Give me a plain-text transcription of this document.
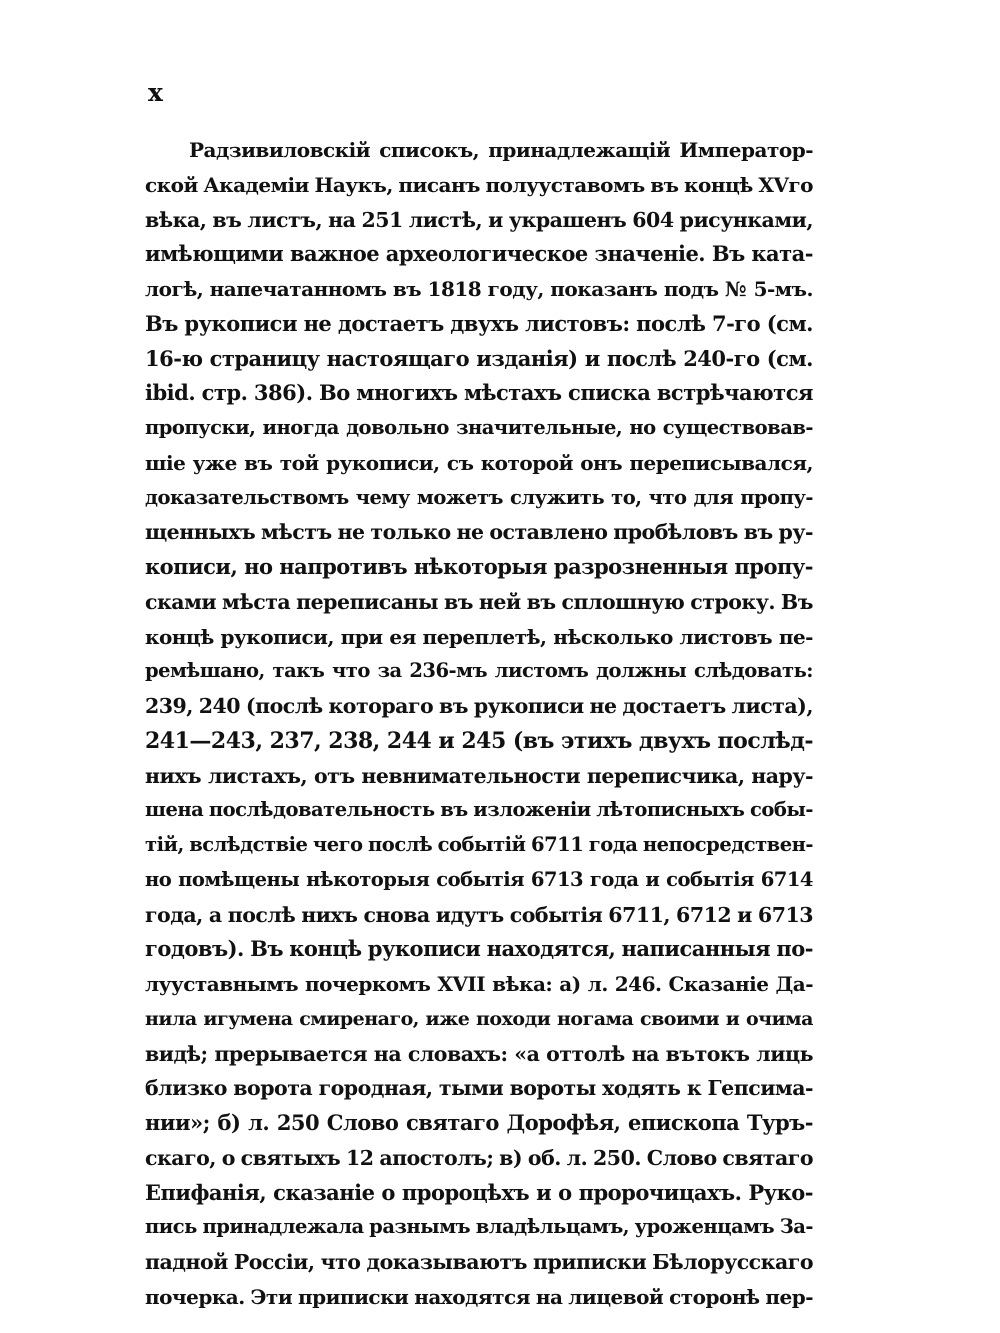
x
Радзивиловскій списокъ, принадлежащій Император-
ской Академіи Наукъ, писанъ полууставомъ въ концѣ XVго
вѣка, въ листъ, на 251 листѣ, и украшенъ 604 рисунками,
имѣющими важное археологическое значеніе. Въ ката-
логѣ, напечатанномъ въ 1818 году, показанъ подъ № 5-мъ.
Въ рукописи не достаетъ двухъ листовъ: послѣ 7-го (см.
16-ю страницу настоящаго изданія) и послѣ 240-го (см.
ibid. стр. 386). Во многихъ мѣстахъ списка встрѣчаются
пропуски, иногда довольно значительные, но существовав-
шіе уже въ той рукописи, съ которой онъ переписывался,
доказательствомъ чему можетъ служить то, что для пропу-
щенныхъ мѣстъ не только не оставлено пробѣловъ въ ру-
кописи, но напротивъ нѣкоторыя разрозненныя пропу-
сками мѣста переписаны въ ней въ сплошную строку. Въ
концѣ рукописи, при ея переплетѣ, нѣсколько листовъ пе-
ремѣшано, такъ что за 236-мъ листомъ должны слѣдовать:
239, 240 (послѣ котораго въ рукописи не достаетъ листа),
241—243, 237, 238, 244 и 245 (въ этихъ двухъ послѣд-
нихъ листахъ, отъ невнимательности переписчика, нару-
шена послѣдовательность въ изложеніи лѣтописныхъ собы-
тій, вслѣдствіе чего послѣ событій 6711 года непосредствен-
но помѣщены нѣкоторыя событія 6713 года и событія 6714
года, а послѣ нихъ снова идутъ событія 6711, 6712 и 6713
годовъ). Въ концѣ рукописи находятся, написанныя по-
лууставнымъ почеркомъ XVII вѣка: а) л. 246. Сказаніе Да-
нила игумена смиренаго, иже походи ногама своими и очима
видѣ; прерывается на словахъ: «а оттолѣ на вътокъ лиць
близко ворота городная, тыми вороты ходять к Гепсима-
нии»; б) л. 250 Слово святаго Дорофѣя, епископа Туръ-
скаго, о святыхъ 12 апостолъ; в) об. л. 250. Слово святаго
Епифанія, сказаніе о пророцѣхъ и о пророчицахъ. Руко-
пись принадлежала разнымъ владѣльцамъ, уроженцамъ За-
падной Россіи, что доказываютъ приписки Бѣлорусскаго
почерка. Эти приписки находятся на лицевой сторонѣ пер-
